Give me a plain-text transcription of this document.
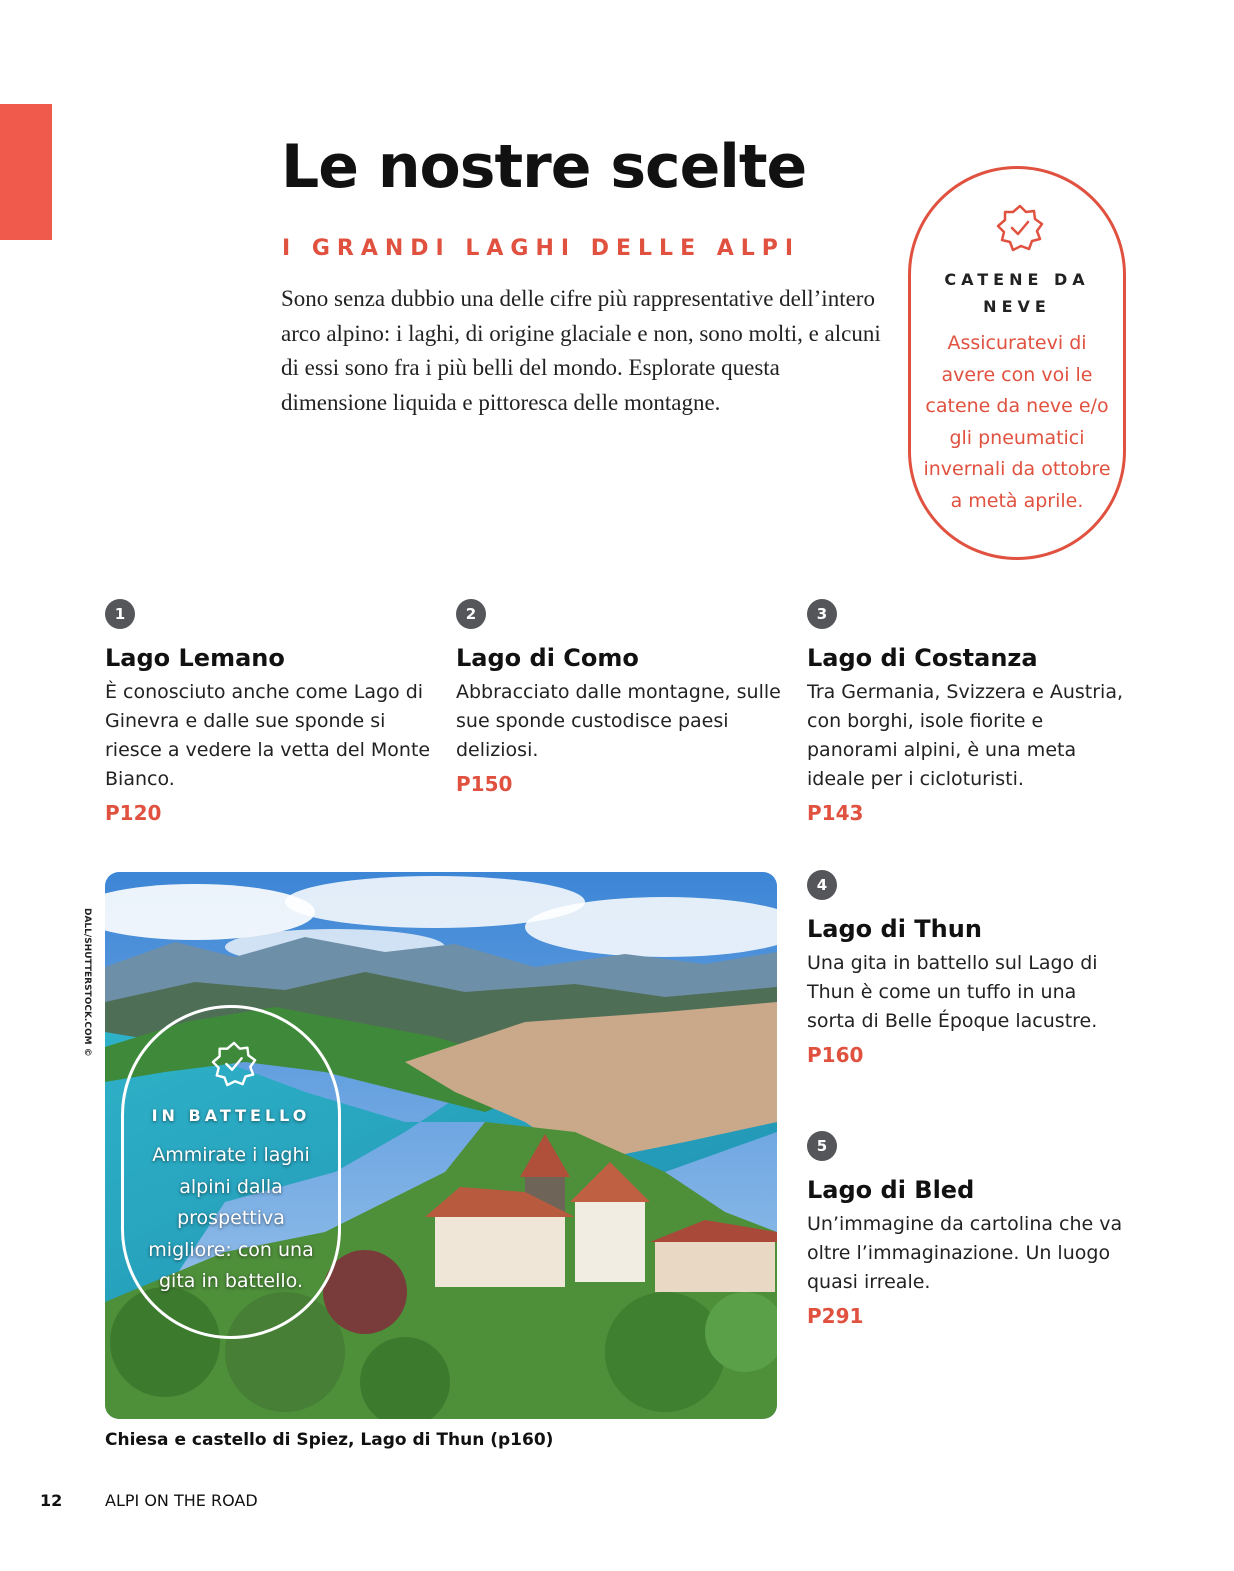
Le nostre scelte
I GRANDI LAGHI DELLE ALPI

Sono senza dubbio una delle cifre più rappresentative dell’intero arco alpino: i laghi, di origine glaciale e non, sono molti, e alcuni di essi sono fra i più belli del mondo. Esplorate questa dimensione liquida e pittoresca delle montagne.

CATENE DA NEVE
Assicuratevi di avere con voi le catene da neve e/o gli pneumatici invernali da ottobre a metà aprile.
1
Lago Lemano

È conosciuto anche come Lago di Ginevra e dalle sue sponde si riesce a vedere la vetta del Monte Bianco.

P120
2
Lago di Como

Abbracciato dalle montagne, sulle sue sponde custodisce paesi deliziosi.

P150
3
Lago di Costanza

Tra Germania, Svizzera e Austria, con borghi, isole fiorite e panorami alpini, è una meta ideale per i cicloturisti.

P143
4
Lago di Thun

Una gita in battello sul Lago di Thun è come un tuffo in una sorta di Belle Époque lacustre.

P160
5
Lago di Bled

Un’immagine da cartolina che va oltre l’immaginazione. Un luogo quasi irreale.

P291
DALL/SHUTTERSTOCK.COM ©
IN BATTELLO
Ammirate i laghi alpini dalla prospettiva migliore: con una gita in battello.
Chiesa e castello di Spiez, Lago di Thun (p160)
12	ALPI ON THE ROAD
